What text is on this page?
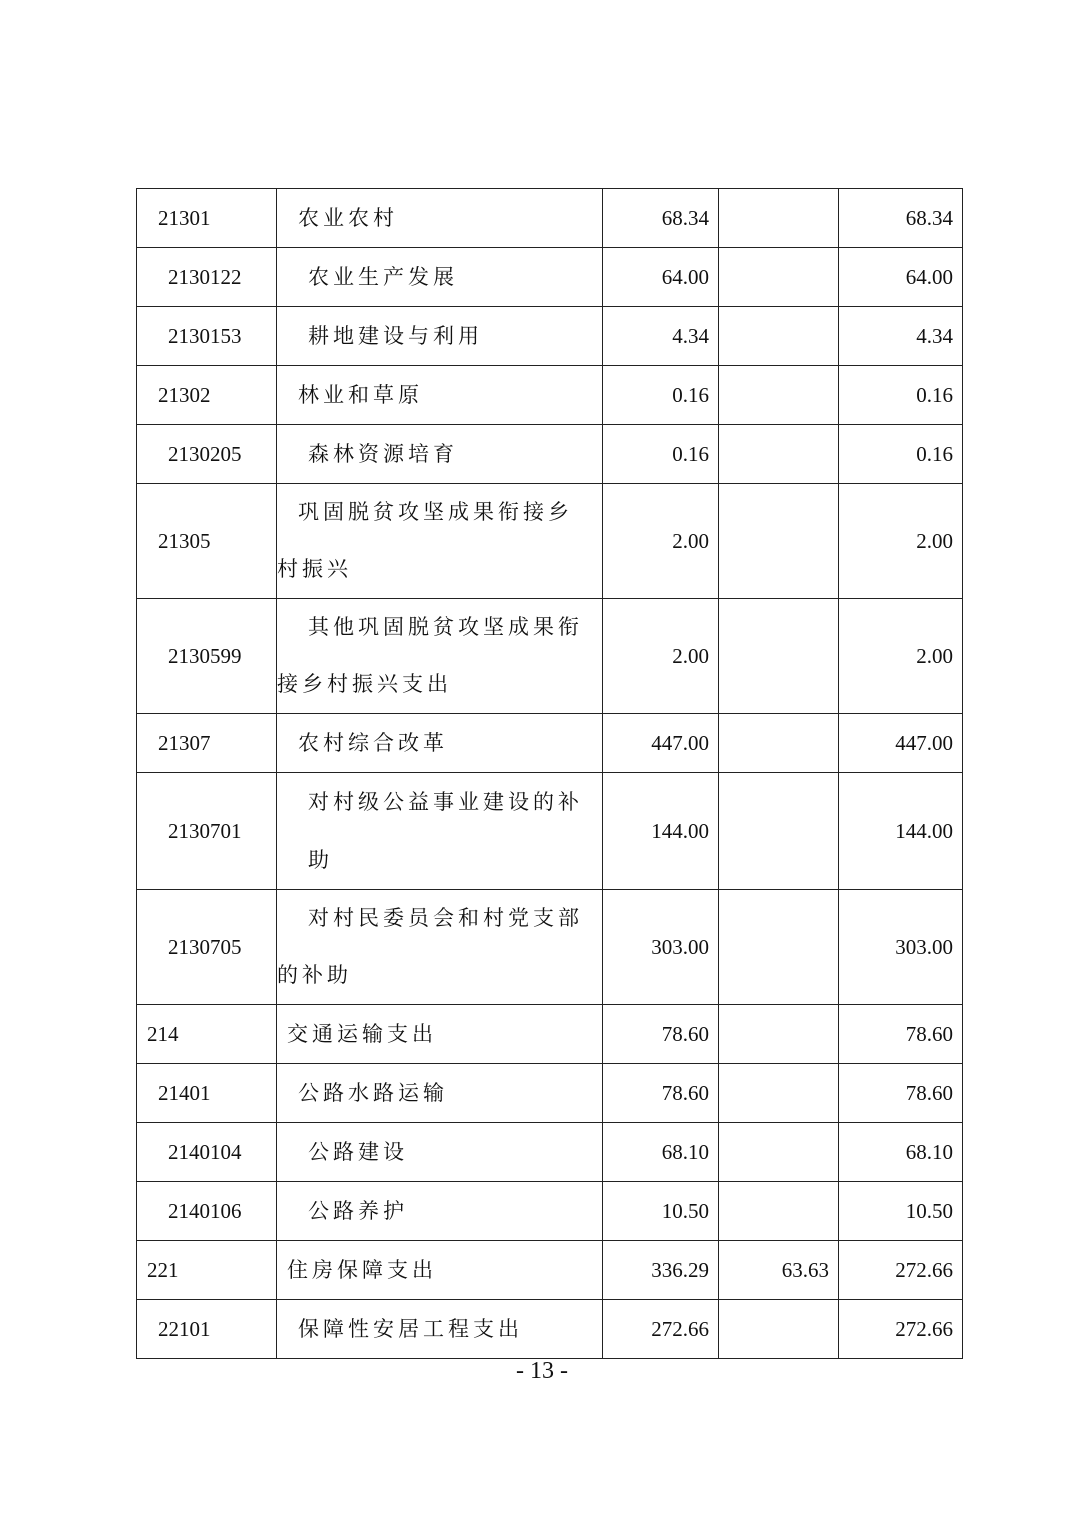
21301	农业农村	68.34		68.34
2130122	农业生产发展	64.00		64.00
2130153	耕地建设与利用	4.34		4.34
21302	林业和草原	0.16		0.16
2130205	森林资源培育	0.16		0.16
21305	巩固脱贫攻坚成果衔接乡村振兴	2.00		2.00
2130599	其他巩固脱贫攻坚成果衔接乡村振兴支出	2.00		2.00
21307	农村综合改革	447.00		447.00
2130701	对村级公益事业建设的补助	144.00		144.00
2130705	对村民委员会和村党支部的补助	303.00		303.00
214	交通运输支出	78.60		78.60
21401	公路水路运输	78.60		78.60
2140104	公路建设	68.10		68.10
2140106	公路养护	10.50		10.50
221	住房保障支出	336.29	63.63	272.66
22101	保障性安居工程支出	272.66		272.66
- 13 -
